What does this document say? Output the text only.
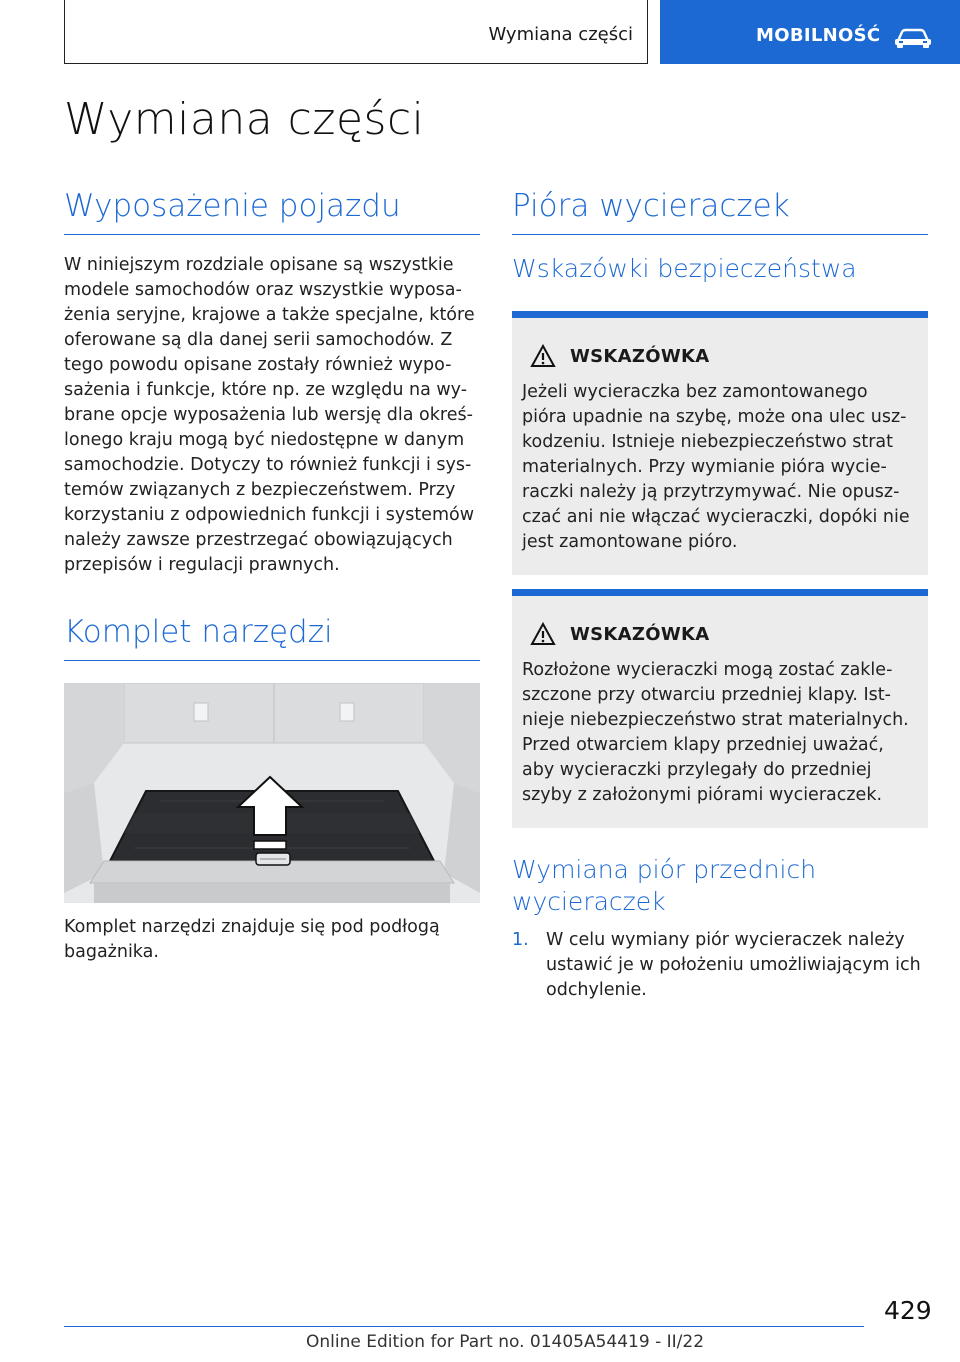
Wymiana części	MOBILNOŚĆ
Wymiana części
Wyposażenie pojazdu

W niniejszym rozdziale opisane są wszystkie
modele samochodów oraz wszystkie wyposa-
żenia seryjne, krajowe a także specjalne, które
oferowane są dla danej serii samochodów. Z
tego powodu opisane zostały również wypo-
sażenia i funkcje, które np. ze względu na wy-
brane opcje wyposażenia lub wersję dla okreś-
lonego kraju mogą być niedostępne w danym
samochodzie. Dotyczy to również funkcji i sys-
temów związanych z bezpieczeństwem. Przy
korzystaniu z odpowiednich funkcji i systemów
należy zawsze przestrzegać obowiązujących
przepisów i regulacji prawnych.

Komplet narzędzi

Komplet narzędzi znajduje się pod podłogą
bagażnika.

Pióra wycieraczek
Wskazówki bezpieczeństwa
WSKAZÓWKA

Jeżeli wycieraczka bez zamontowanego
pióra upadnie na szybę, może ona ulec usz-
kodzeniu. Istnieje niebezpieczeństwo strat
materialnych. Przy wymianie pióra wycie-
raczki należy ją przytrzymywać. Nie opusz-
czać ani nie włączać wycieraczki, dopóki nie
jest zamontowane pióro.

WSKAZÓWKA

Rozłożone wycieraczki mogą zostać zakle-
szczone przy otwarciu przedniej klapy. Ist-
nieje niebezpieczeństwo strat materialnych.
Przed otwarciem klapy przedniej uważać,
aby wycieraczki przylegały do przedniej
szyby z założonymi piórami wycieraczek.

Wymiana piór przednich
wycieraczek
1. W celu wymiany piór wycieraczek należy
ustawić je w położeniu umożliwiającym ich
odchylenie.
429
Online Edition for Part no. 01405A54419 - II/22
